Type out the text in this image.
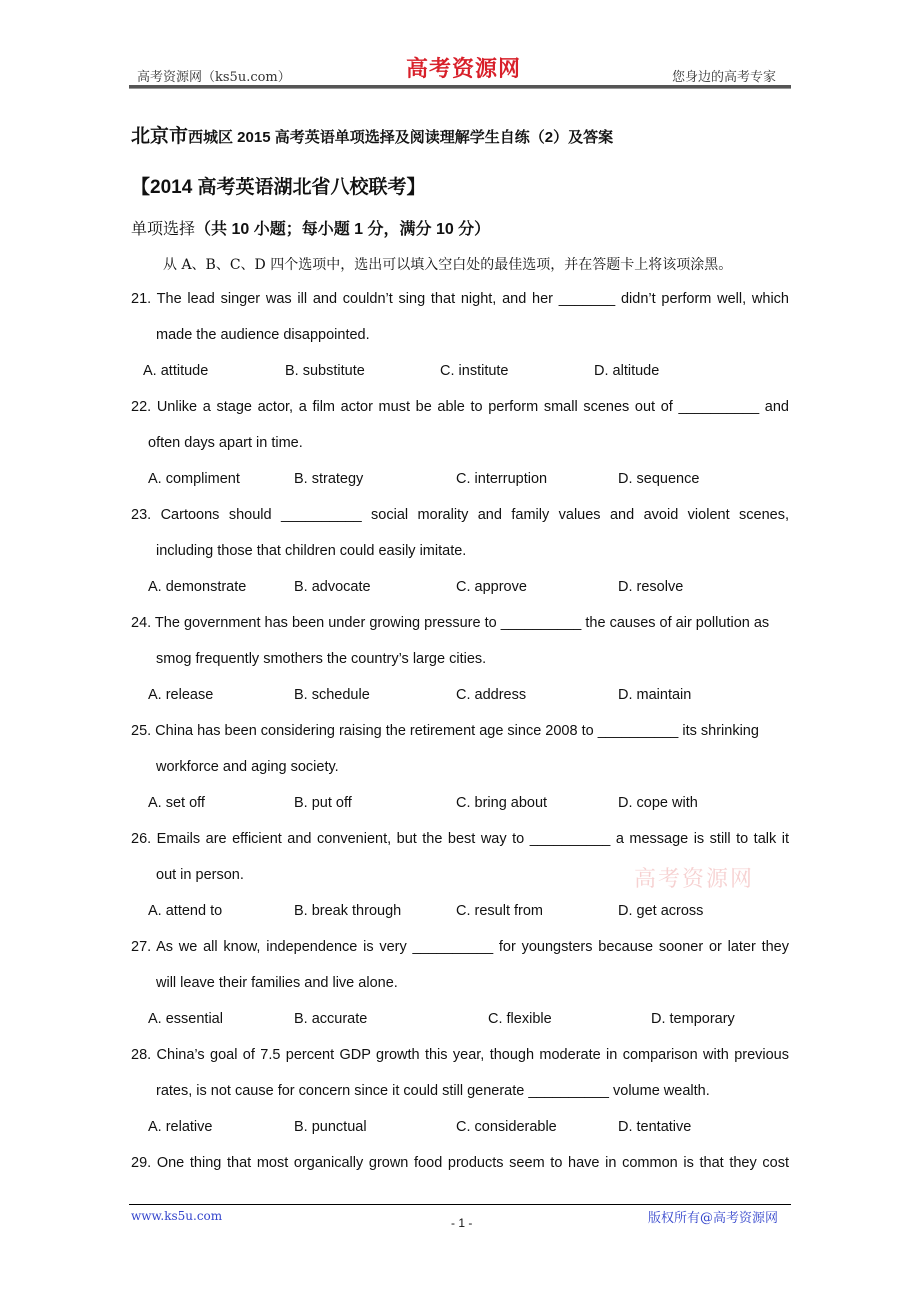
高考资源网（ks5u.com）	高考资源网	您身边的高考专家
北京市西城区 2015 高考英语单项选择及阅读理解学生自练（2）及答案
【2014 高考英语湖北省八校联考】
单项选择（共 10 小题；每小题 1 分，满分 10 分）
从 A、B、C、D 四个选项中，选出可以填入空白处的最佳选项，并在答题卡上将该项涂黑。
21. The lead singer was ill and couldn’t sing that night, and her _______ didn’t perform well, which
made the audience disappointed.
A. attitude	B. substitute	C. institute	D. altitude
22. Unlike a stage actor, a film actor must be able to perform small scenes out of __________ and
often days apart in time.
A. compliment	B. strategy	C. interruption	D. sequence
23. Cartoons should __________ social morality and family values and avoid violent scenes,
including those that children could easily imitate.
A. demonstrate	B. advocate	C. approve	D. resolve
24. The government has been under growing pressure to __________ the causes of air pollution as
smog frequently smothers the country’s large cities.
A. release	B. schedule	C. address	D. maintain
25. China has been considering raising the retirement age since 2008 to __________ its shrinking
workforce and aging society.
A. set off	B. put off	C. bring about	D. cope with
26. Emails are efficient and convenient, but the best way to __________ a message is still to talk it
out in person.
A. attend to	B. break through	C. result from	D. get across
27. As we all know, independence is very __________ for youngsters because sooner or later they
will leave their families and live alone.
A. essential	B. accurate	C. flexible	D. temporary
28. China’s goal of 7.5 percent GDP growth this year, though moderate in comparison with previous
rates, is not cause for concern since it could still generate __________ volume wealth.
A. relative	B. punctual	C. considerable	D. tentative
29. One thing that most organically grown food products seem to have in common is that they cost
高考资源网
www.ks5u.com	- 1 -	版权所有@高考资源网
